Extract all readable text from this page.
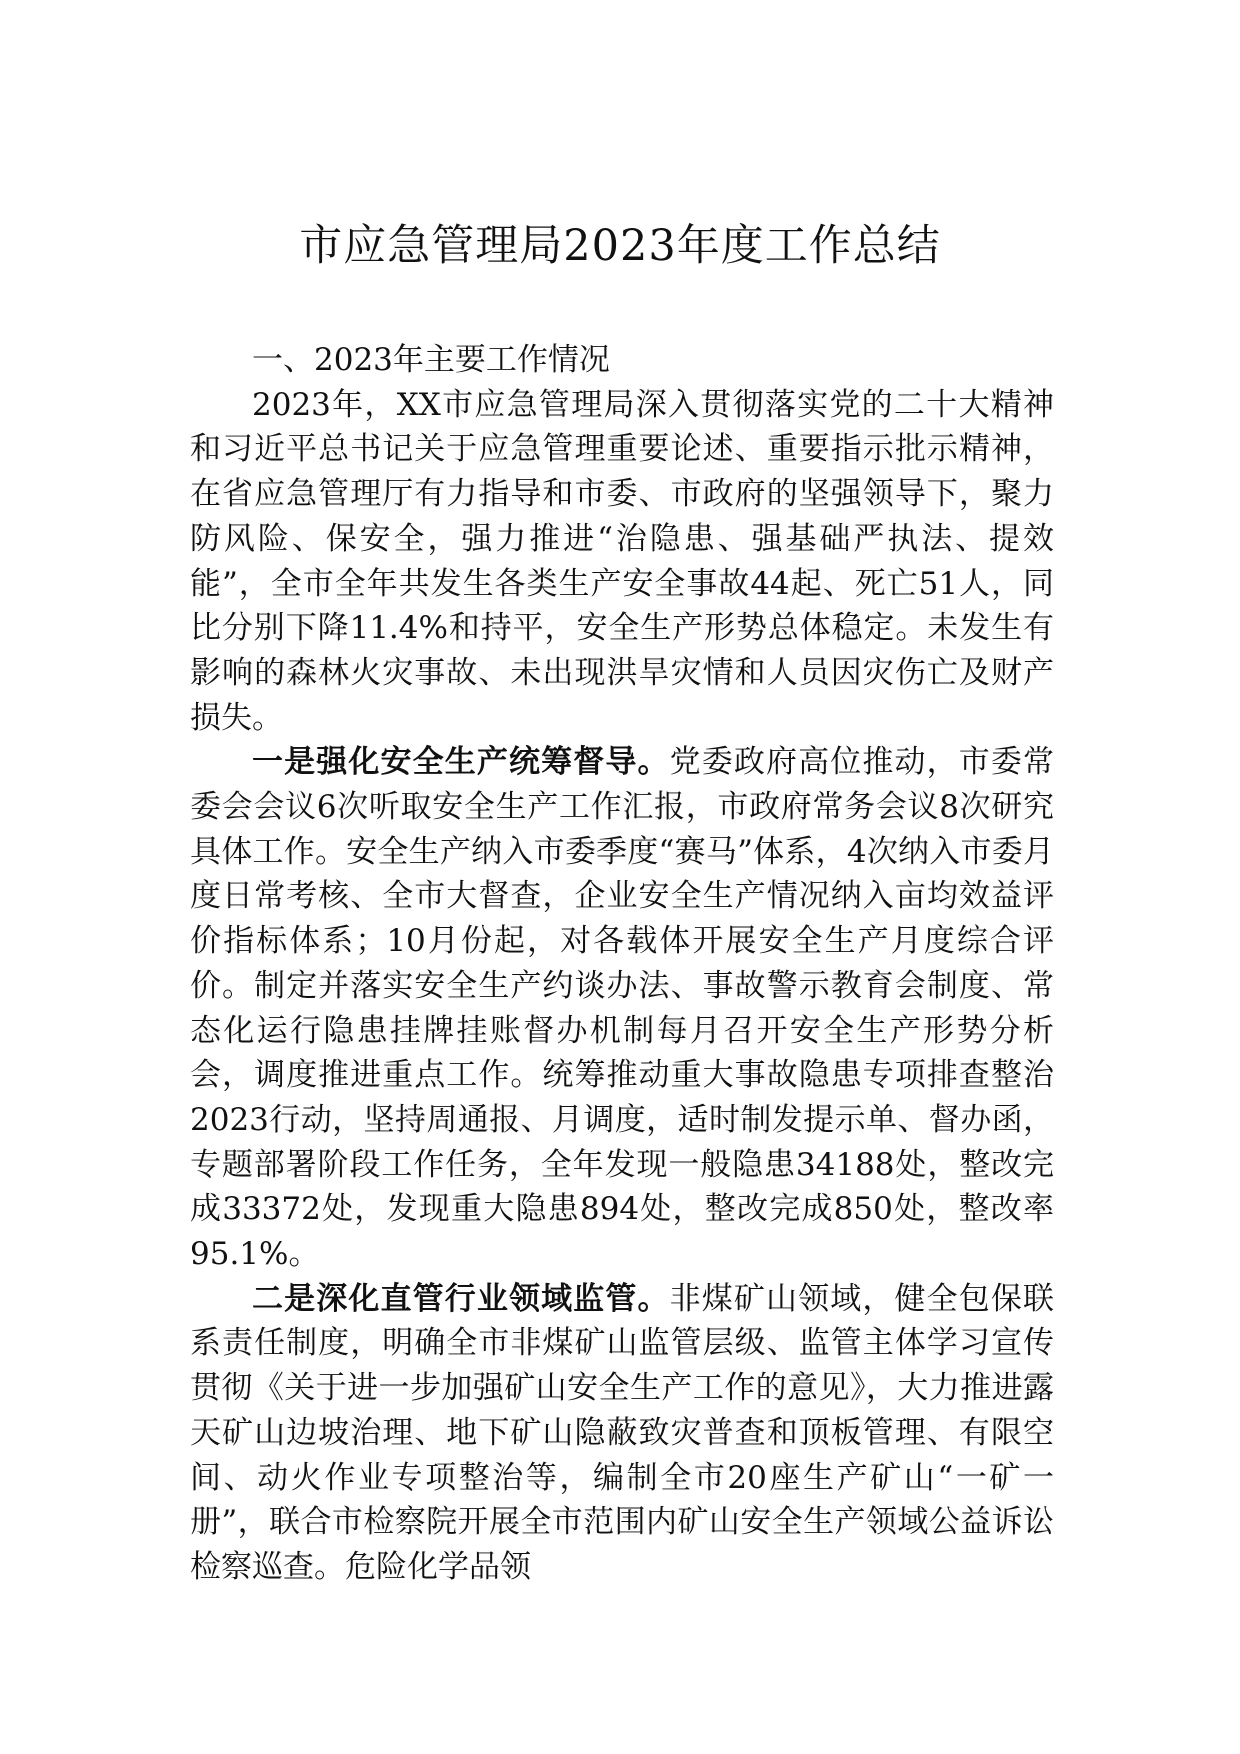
市应急管理局2023年度工作总结

一、2023年主要工作情况

2023年，XX市应急管理局深入贯彻落实党的二十大精神和习近平总书记关于应急管理重要论述、重要指示批示精神，在省应急管理厅有力指导和市委、市政府的坚强领导下，聚力防风险、保安全，强力推进“治隐患、强基础严执法、提效能”，全市全年共发生各类生产安全事故44起、死亡51人，同比分别下降11.4%和持平，安全生产形势总体稳定。未发生有影响的森林火灾事故、未出现洪旱灾情和人员因灾伤亡及财产损失。

一是强化安全生产统筹督导。党委政府高位推动，市委常委会会议6次听取安全生产工作汇报，市政府常务会议8次研究具体工作。安全生产纳入市委季度“赛马”体系，4次纳入市委月度日常考核、全市大督查，企业安全生产情况纳入亩均效益评价指标体系；10月份起，对各载体开展安全生产月度综合评价。制定并落实安全生产约谈办法、事故警示教育会制度、常态化运行隐患挂牌挂账督办机制每月召开安全生产形势分析会，调度推进重点工作。统筹推动重大事故隐患专项排查整治2023行动，坚持周通报、月调度，适时制发提示单、督办函，专题部署阶段工作任务，全年发现一般隐患34188处，整改完成33372处，发现重大隐患894处，整改完成850处，整改率95.1%。

二是深化直管行业领域监管。非煤矿山领域，健全包保联系责任制度，明确全市非煤矿山监管层级、监管主体学习宣传贯彻《关于进一步加强矿山安全生产工作的意见》，大力推进露天矿山边坡治理、地下矿山隐蔽致灾普查和顶板管理、有限空间、动火作业专项整治等，编制全市20座生产矿山“一矿一册”，联合市检察院开展全市范围内矿山安全生产领域公益诉讼检察巡查。危险化学品领
